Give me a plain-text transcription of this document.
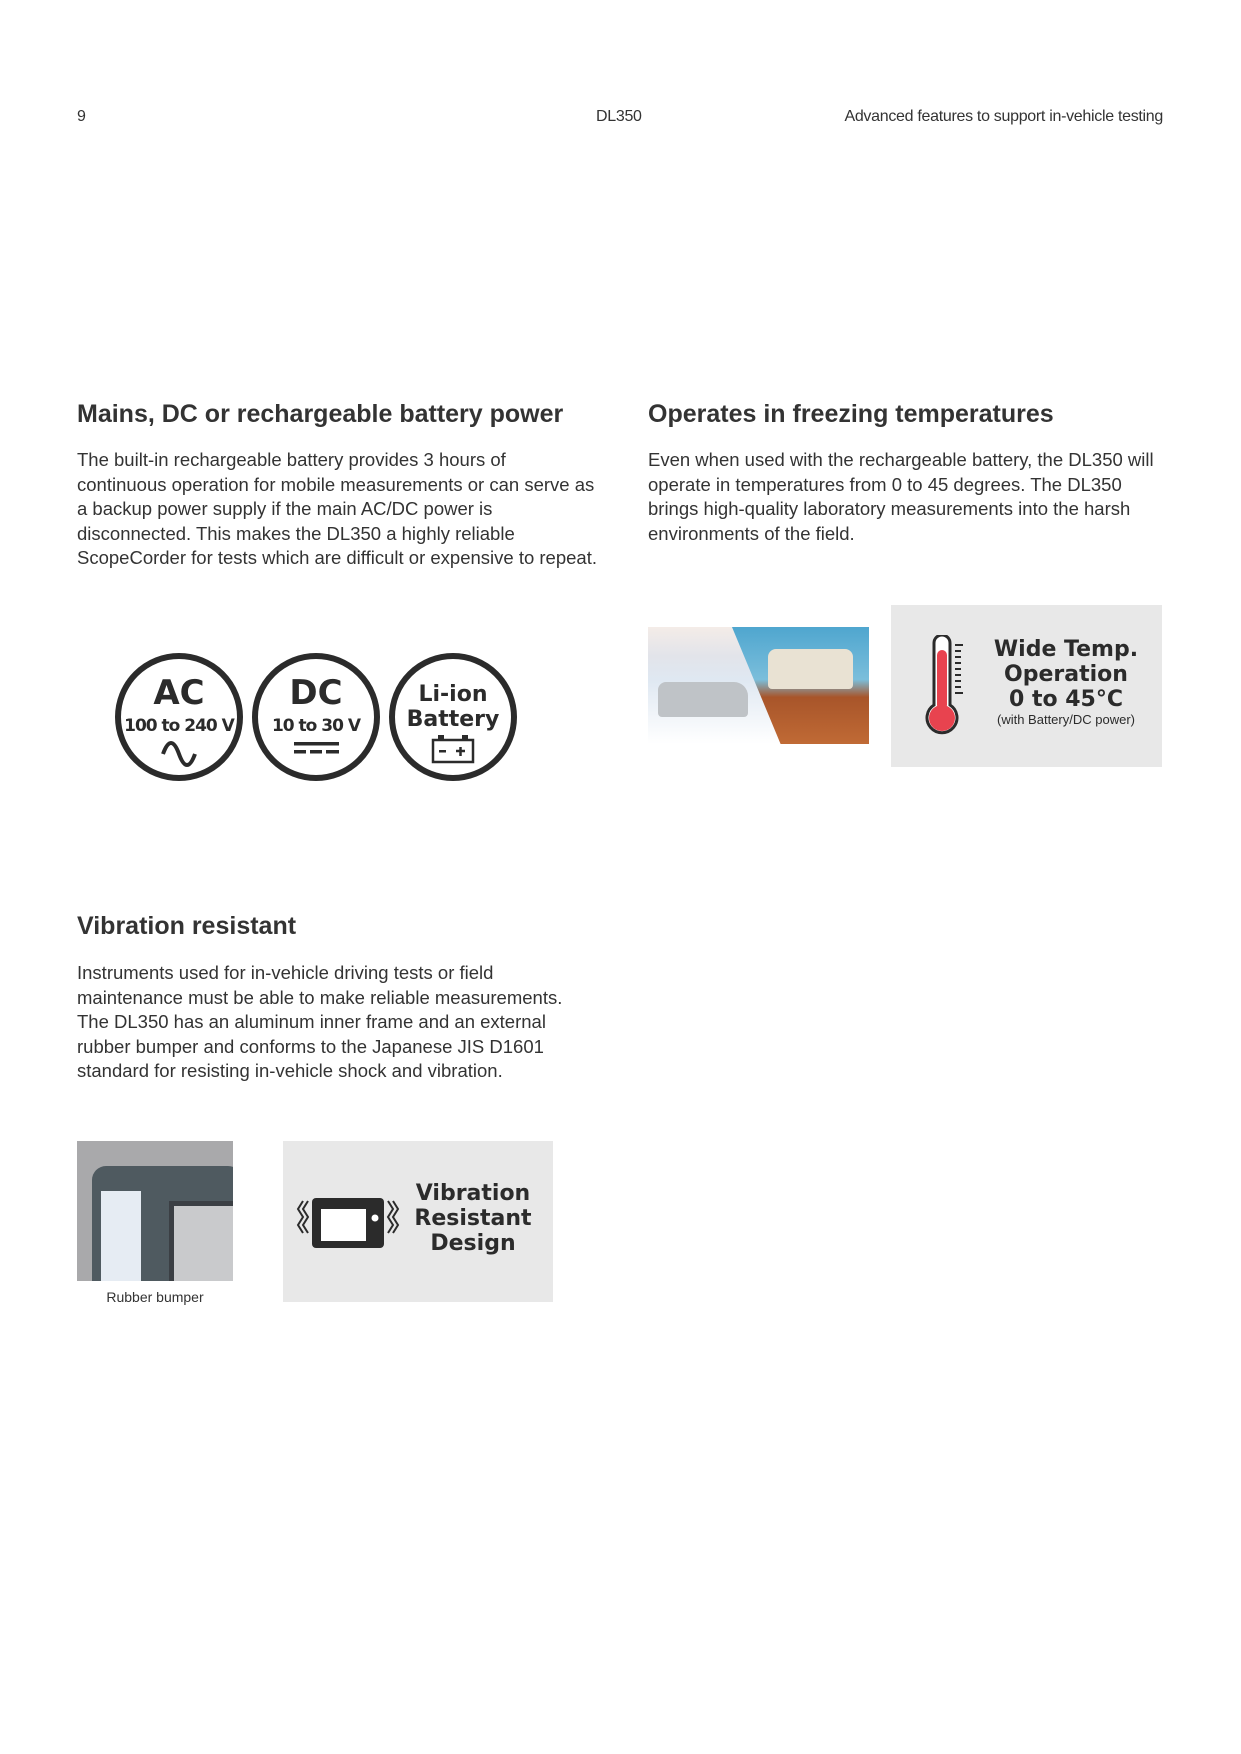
9	DL350	Advanced features to support in-vehicle testing
Mains, DC or rechargeable battery power

The built-in rechargeable battery provides 3 hours of continuous operation for mobile measurements or can serve as a backup power supply if the main AC/DC power is disconnected. This makes the DL350 a highly reliable ScopeCorder for tests which are difficult or expensive to repeat.

AC
100 to 240 V
DC
10 to 30 V
Li-ion
Battery
Operates in freezing temperatures

Even when used with the rechargeable battery, the DL350 will operate in temperatures from 0 to 45 degrees. The DL350 brings high-quality laboratory measurements into the harsh environments of the field.

Wide Temp.
Operation
0 to 45°C
(with Battery/DC power)
Vibration resistant

Instruments used for in-vehicle driving tests or field maintenance must be able to make reliable measurements. The DL350 has an aluminum inner frame and an external rubber bumper and conforms to the Japanese JIS D1601 standard for resisting in-vehicle shock and vibration.

Rubber bumper
Vibration
Resistant
Design
